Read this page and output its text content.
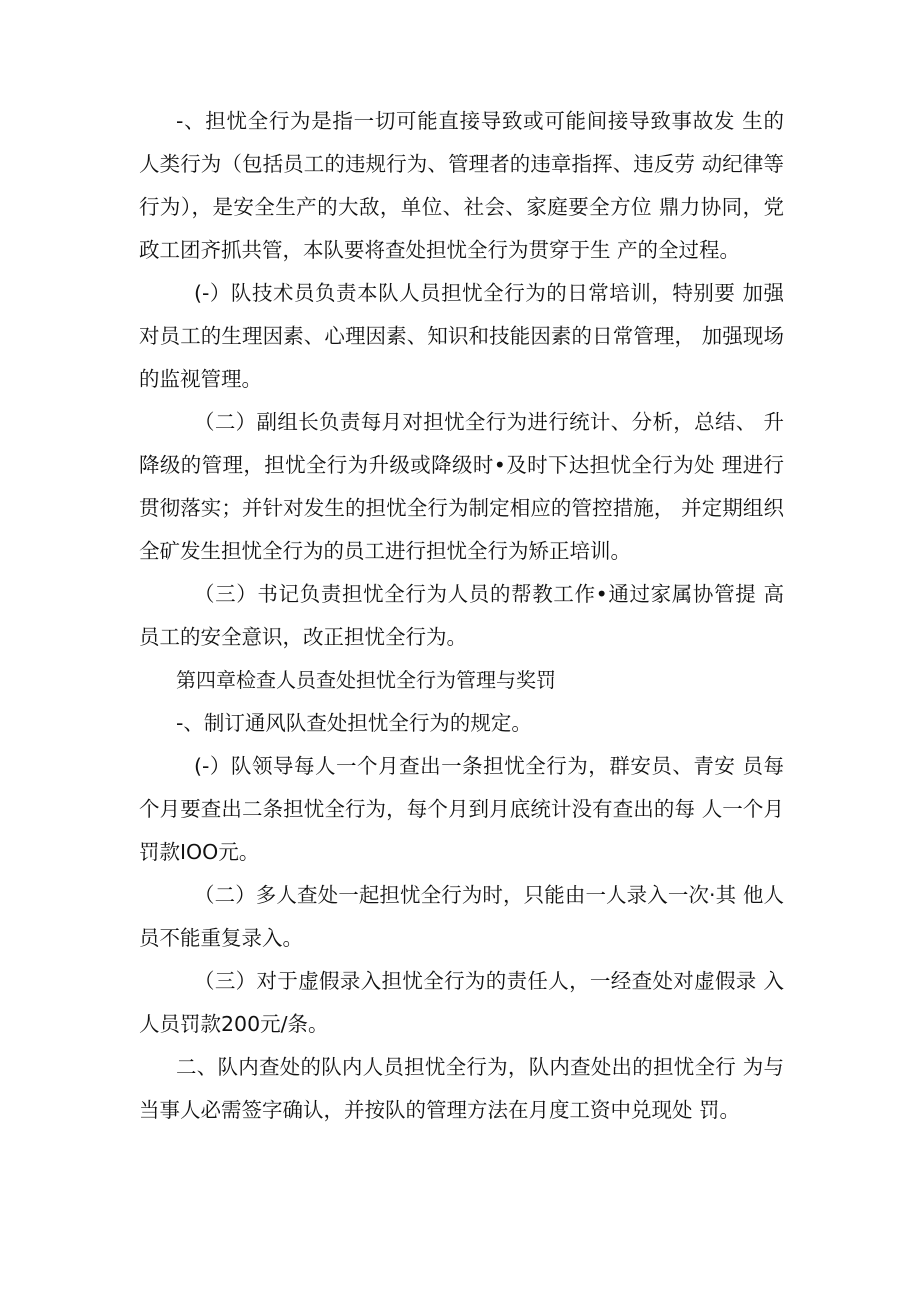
-、担忧全行为是指一切可能直接导致或可能间接导致事故发 生的人类行为（包括员工的违规行为、管理者的违章指挥、违反劳 动纪律等行为），是安全生产的大敌，单位、社会、家庭要全方位 鼎力协同，党政工团齐抓共管，本队要将查处担忧全行为贯穿于生 产的全过程。

(-）队技术员负责本队人员担忧全行为的日常培训，特别要 加强对员工的生理因素、心理因素、知识和技能因素的日常管理， 加强现场的监视管理。

（二）副组长负责每月对担忧全行为进行统计、分析，总结、 升降级的管理，担忧全行为升级或降级时•及时下达担忧全行为处 理进行贯彻落实；并针对发生的担忧全行为制定相应的管控措施， 并定期组织全矿发生担忧全行为的员工进行担忧全行为矫正培训。

（三）书记负责担忧全行为人员的帮教工作•通过家属协管提 高员工的安全意识，改正担忧全行为。

第四章检查人员查处担忧全行为管理与奖罚

-、制订通风队查处担忧全行为的规定。

(-）队领导每人一个月查出一条担忧全行为，群安员、青安 员每个月要查出二条担忧全行为，每个月到月底统计没有查出的每 人一个月罚款IOO元。

（二）多人查处一起担忧全行为时，只能由一人录入一次·其 他人员不能重复录入。

（三）对于虚假录入担忧全行为的责任人，一经查处对虚假录 入人员罚款200元/条。

二、队内查处的队内人员担忧全行为，队内查处出的担忧全行 为与当事人必需签字确认，并按队的管理方法在月度工资中兑现处 罚。
